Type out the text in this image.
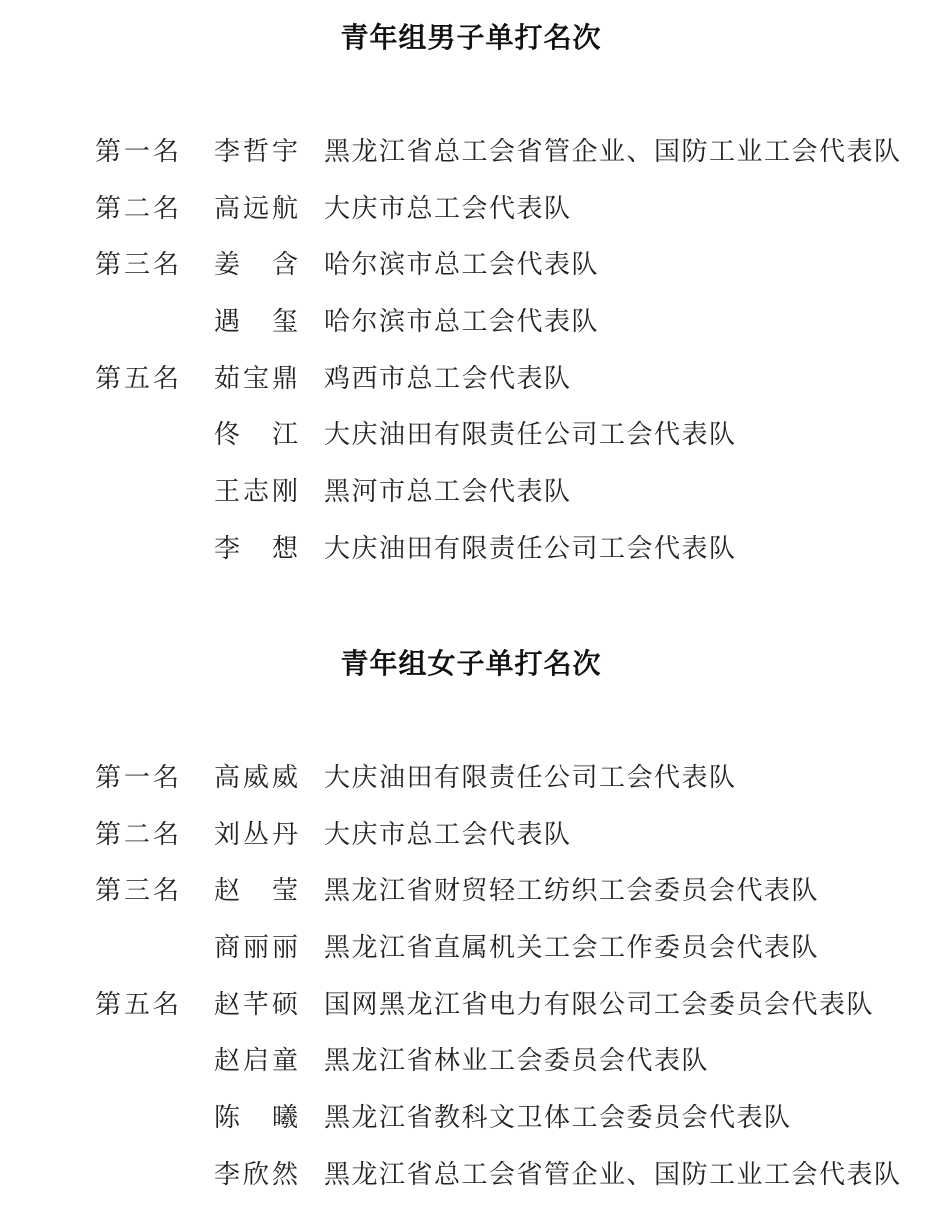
青年组男子单打名次
第一名 李 哲 宇 黑龙江省总工会省管企业、国防工业工会代表队
第二名 高 远 航 大庆市总工会代表队
第三名 姜 含 哈尔滨市总工会代表队
遇 玺 哈尔滨市总工会代表队
第五名 茹 宝 鼎 鸡西市总工会代表队
佟 江 大庆油田有限责任公司工会代表队
王 志 刚 黑河市总工会代表队
李 想 大庆油田有限责任公司工会代表队
青年组女子单打名次
第一名 高 威 威 大庆油田有限责任公司工会代表队
第二名 刘 丛 丹 大庆市总工会代表队
第三名 赵 莹 黑龙江省财贸轻工纺织工会委员会代表队
商 丽 丽 黑龙江省直属机关工会工作委员会代表队
第五名 赵 芊 硕 国网黑龙江省电力有限公司工会委员会代表队
赵 启 童 黑龙江省林业工会委员会代表队
陈 曦 黑龙江省教科文卫体工会委员会代表队
李 欣 然 黑龙江省总工会省管企业、国防工业工会代表队
